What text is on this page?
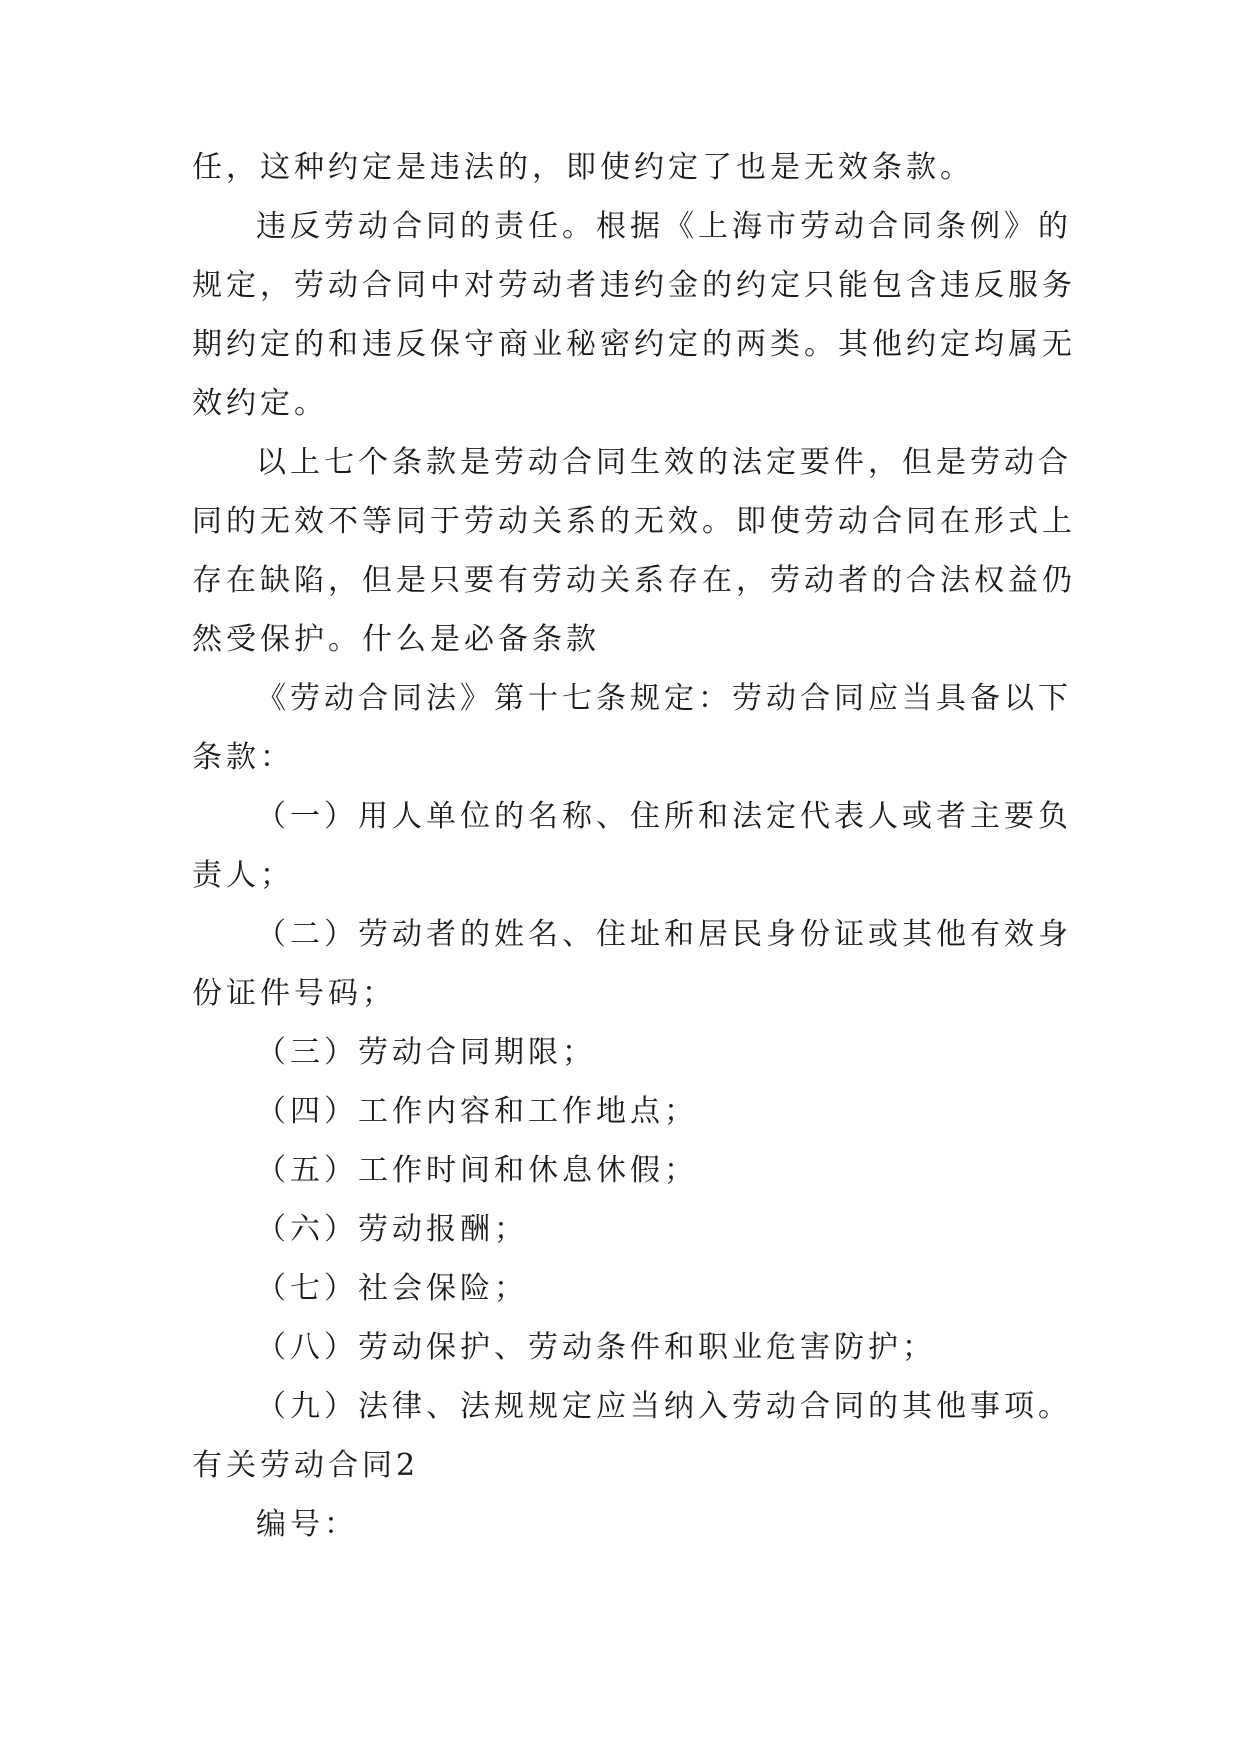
任，这种约定是违法的，即使约定了也是无效条款。
违反劳动合同的责任。根据《上海市劳动合同条例》的
规定，劳动合同中对劳动者违约金的约定只能包含违反服务
期约定的和违反保守商业秘密约定的两类。其他约定均属无
效约定。
以上七个条款是劳动合同生效的法定要件，但是劳动合
同的无效不等同于劳动关系的无效。即使劳动合同在形式上
存在缺陷，但是只要有劳动关系存在，劳动者的合法权益仍
然受保护。什么是必备条款
《劳动合同法》第十七条规定：劳动合同应当具备以下
条款：
（一）用人单位的名称、住所和法定代表人或者主要负
责人；
（二）劳动者的姓名、住址和居民身份证或其他有效身
份证件号码；
（三）劳动合同期限；
（四）工作内容和工作地点；
（五）工作时间和休息休假；
（六）劳动报酬；
（七）社会保险；
（八）劳动保护、劳动条件和职业危害防护；
（九）法律、法规规定应当纳入劳动合同的其他事项。
有关劳动合同2
编号：
